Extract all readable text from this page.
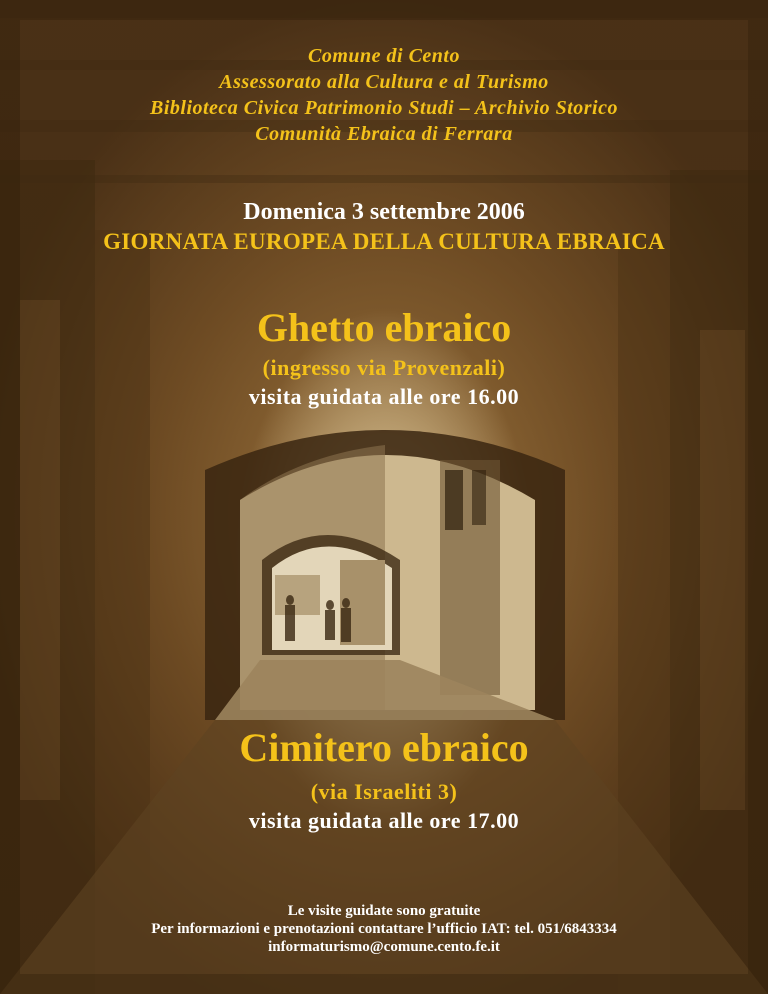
Comune di Cento
Assessorato alla Cultura e al Turismo
Biblioteca Civica Patrimonio Studi – Archivio Storico
Comunità Ebraica di Ferrara
Domenica 3 settembre 2006
GIORNATA EUROPEA DELLA CULTURA EBRAICA
Ghetto ebraico
(ingresso via Provenzali)
visita guidata alle ore 16.00
Cimitero ebraico
(via Israeliti 3)
visita guidata alle ore 17.00
Le visite guidate sono gratuite
Per informazioni e prenotazioni contattare l’ufficio IAT: tel. 051/6843334
informaturismo@comune.cento.fe.it
